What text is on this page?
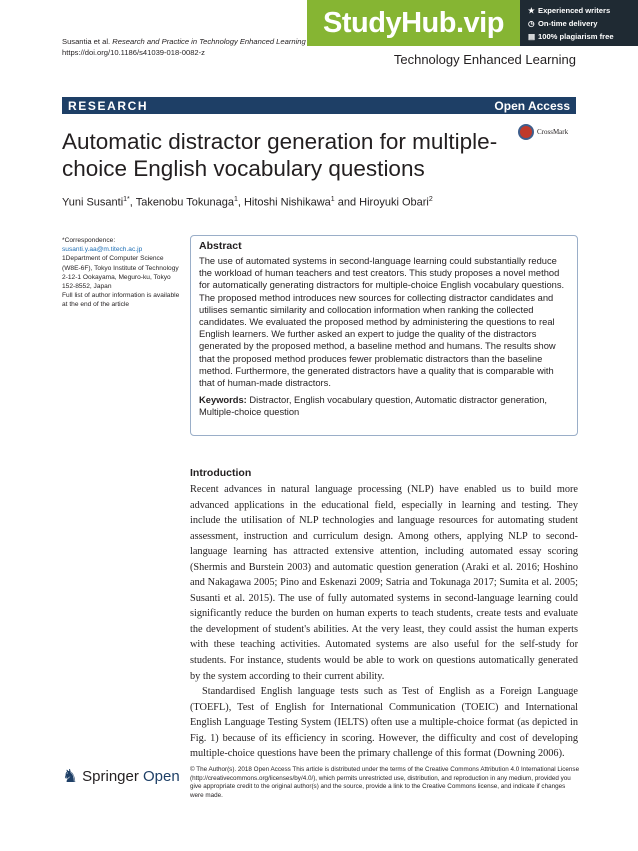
Susantia et al. Research and Practice in Technology Enhanced Learning
https://doi.org/10.1186/s41039-018-0082-z	Technology Enhanced Learning
StudyHub.vip	★ Experienced writers
◷ On-time delivery
▤ 100% plagiarism free
RESEARCH	Open Access
Automatic distractor generation for multiple-choice English vocabulary questions
CrossMark
Yuni Susanti$^{1*}$, Takenobu Tokunaga$^1$, Hitoshi Nishikawa$^1$ and Hiroyuki Obari$^2$
*Correspondence:
susanti.y.aa@m.titech.ac.jp
1Department of Computer Science (W8E-6F), Tokyo Institute of Technology 2-12-1 Ookayama, Meguro-ku, Tokyo 152-8552, Japan
Full list of author information is available at the end of the article
Abstract
The use of automated systems in second-language learning could substantially reduce the workload of human teachers and test creators. This study proposes a novel method for automatically generating distractors for multiple-choice English vocabulary questions. The proposed method introduces new sources for collecting distractor candidates and utilises semantic similarity and collocation information when ranking the collected candidates. We evaluated the proposed method by administering the questions to real English learners. We further asked an expert to judge the quality of the distractors generated by the proposed method, a baseline method and humans. The results show that the proposed method produces fewer problematic distractors than the baseline method. Furthermore, the generated distractors have a quality that is comparable with that of human-made distractors.
Keywords: Distractor, English vocabulary question, Automatic distractor generation, Multiple-choice question
Introduction

Recent advances in natural language processing (NLP) have enabled us to build more advanced applications in the educational field, especially in learning and testing. They include the utilisation of NLP technologies and language resources for automating student assessment, instruction and curriculum design. Among others, applying NLP to second-language learning has attracted extensive attention, including automated essay scoring (Shermis and Burstein 2003) and automatic question generation (Araki et al. 2016; Hoshino and Nakagawa 2005; Pino and Eskenazi 2009; Satria and Tokunaga 2017; Sumita et al. 2005; Susanti et al. 2015). The use of fully automated systems in second-language learning could significantly reduce the burden on human experts to teach students, create tests and evaluate the development of student's abilities. At the very least, they could assist the human experts with these teaching activities. Automated systems are also useful for the self-study for students. For instance, students would be able to work on questions automatically generated by the system according to their current ability.

Standardised English language tests such as Test of English as a Foreign Language (TOEFL), Test of English for International Communication (TOEIC) and International English Language Testing System (IELTS) often use a multiple-choice format (as depicted in Fig. 1) because of its efficiency in scoring. However, the difficulty and cost of developing multiple-choice questions have been the primary challenge of this format (Downing 2006).

♞ Springer Open © The Author(s). 2018 Open Access This article is distributed under the terms of the Creative Commons Attribution 4.0 International License (http://creativecommons.org/licenses/by/4.0/), which permits unrestricted use, distribution, and reproduction in any medium, provided you give appropriate credit to the original author(s) and the source, provide a link to the Creative Commons license, and indicate if changes were made.
